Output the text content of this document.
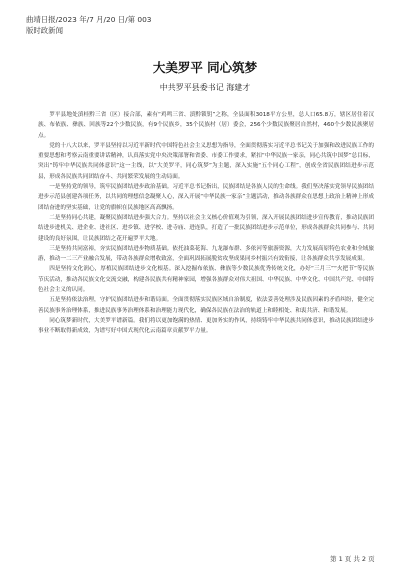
曲靖日报/2023 年/7 月/20 日/第 003
版时政新闻
大美罗平 同心筑梦
中共罗平县委书记 海建才

罗平县地处滇桂黔三省（区）接合部，素有“鸡鸣三省、滇黔锁钥”之称，全县面积3018平方公里，总人口65.8万，辖区居住着汉族、布依族、彝族、回族等22个少数民族，有9个民族乡，35个民族村（居）委会，256个少数民族聚居自然村，460个少数民族聚居点。

党的十八大以来，罗平县坚持以习近平新时代中国特色社会主义思想为指导，全面贯彻落实习近平总书记关于加强和改进民族工作的重要思想和考察云南重要讲话精神，认真落实党中央决策部署和省委、市委工作要求，紧扣“中华民族一家亲，同心共筑中国梦”总目标，突出“铸牢中华民族共同体意识”这一主线，以“大美罗平，同心筑梦”为主题，深入实施“五个同心工程”，创成全省民族团结进步示范县，形成各民族共同团结奋斗、共同繁荣发展的生动局面。

一是坚持党的领导，筑牢民族团结进步政治基础。习近平总书记指出，民族团结是各族人民的生命线。我们坚决落实党领导民族团结进步示范县创建各项任务，以共同的理想信念凝聚人心，深入开展“中华民族一家亲”主题活动，推动各族群众在思想上政治上精神上形成团结奋进的坚实基础，让党的旗帜在民族地区高高飘扬。

二是坚持同心共建，凝聚民族团结进步强大合力。坚持以社会主义核心价值观为引领，深入开展民族团结进步宣传教育，推动民族团结进步进机关、进企业、进社区、进乡镇、进学校、进寺庙、进连队，打造了一批民族团结进步示范单位，形成各族群众共同参与、共同建设的良好氛围，让民族团结之花开遍罗平大地。

三是坚持共同富裕，夯实民族团结进步物质基础。依托油菜花海、九龙瀑布群、多依河等旅游资源，大力发展高原特色农业和全域旅游，推动一二三产业融合发展，带动各族群众增收致富，全面巩固拓展脱贫攻坚成果同乡村振兴有效衔接，让各族群众共享发展成果。

四是坚持文化润心，厚植民族团结进步文化根基。深入挖掘布依族、彝族等少数民族优秀传统文化，办好“三月三”“火把节”等民族节庆活动，推动各民族文化交流交融，构建各民族共有精神家园，增强各族群众对伟大祖国、中华民族、中华文化、中国共产党、中国特色社会主义的认同。

五是坚持依法治理，守护民族团结进步和谐局面。全面贯彻落实民族区域自治制度，依法妥善处理涉及民族因素的矛盾纠纷，健全完善民族事务治理体系，推进民族事务治理体系和治理能力现代化，确保各民族在法治的轨道上和睦相处、和衷共济、和谐发展。

同心筑梦新时代，大美罗平谱新篇。我们将以更加饱满的热情、更加务实的作风，持续铸牢中华民族共同体意识，推动民族团结进步事业不断取得新成效，为谱写好中国式现代化云南篇章贡献罗平力量。

第 1 页 共 2 页
